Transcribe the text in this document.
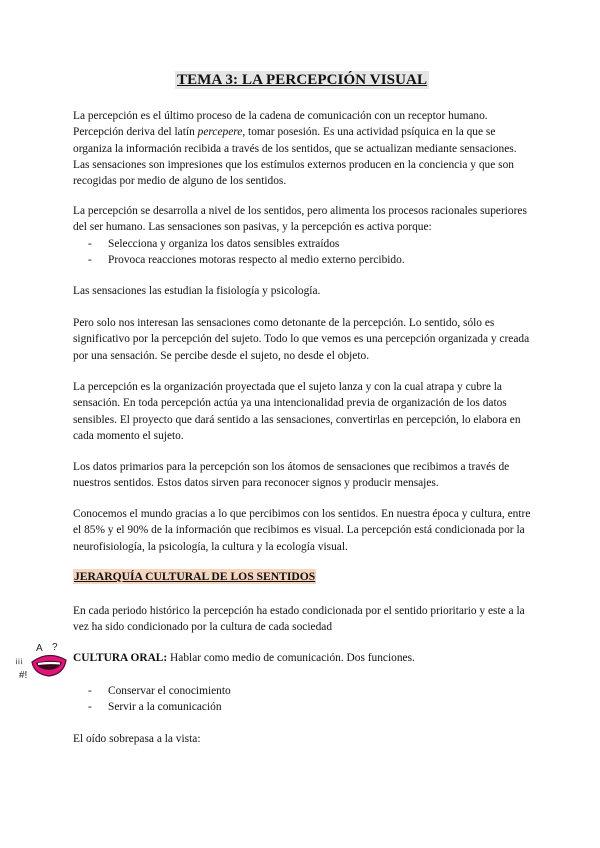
TEMA 3: LA PERCEPCIÓN VISUAL

La percepción es el último proceso de la cadena de comunicación con un receptor humano. Percepción deriva del latín percepere, tomar posesión. Es una actividad psíquica en la que se organiza la información recibida a través de los sentidos, que se actualizan mediante sensaciones. Las sensaciones son impresiones que los estímulos externos producen en la conciencia y que son recogidas por medio de alguno de los sentidos.

La percepción se desarrolla a nivel de los sentidos, pero alimenta los procesos racionales superiores del ser humano. Las sensaciones son pasivas, y la percepción es activa porque:

-	Selecciona y organiza los datos sensibles extraídos
-	Provoca reacciones motoras respecto al medio externo percibido.

Las sensaciones las estudian la fisiología y psicología.

Pero solo nos interesan las sensaciones como detonante de la percepción. Lo sentido, sólo es significativo por la percepción del sujeto. Todo lo que vemos es una percepción organizada y creada por una sensación. Se percibe desde el sujeto, no desde el objeto.

La percepción es la organización proyectada que el sujeto lanza y con la cual atrapa y cubre la sensación. En toda percepción actúa ya una intencionalidad previa de organización de los datos sensibles. El proyecto que dará sentido a las sensaciones, convertirlas en percepción, lo elabora en cada momento el sujeto.

Los datos primarios para la percepción son los átomos de sensaciones que recibimos a través de nuestros sentidos. Estos datos sirven para reconocer signos y producir mensajes.

Conocemos el mundo gracias a lo que percibimos con los sentidos. En nuestra época y cultura, entre el 85% y el 90% de la información que recibimos es visual. La percepción está condicionada por la neurofisiología, la psicología, la cultura y la ecología visual.

JERARQUÍA CULTURAL DE LOS SENTIDOS

En cada periodo histórico la percepción ha estado condicionada por el sentido prioritario y este a la vez ha sido condicionado por la cultura de cada sociedad

A ?
¡¡¡
#!
CULTURA ORAL: Hablar como medio de comunicación. Dos funciones.
-	Conservar el conocimiento
-	Servir a la comunicación

El oído sobrepasa a la vista:
